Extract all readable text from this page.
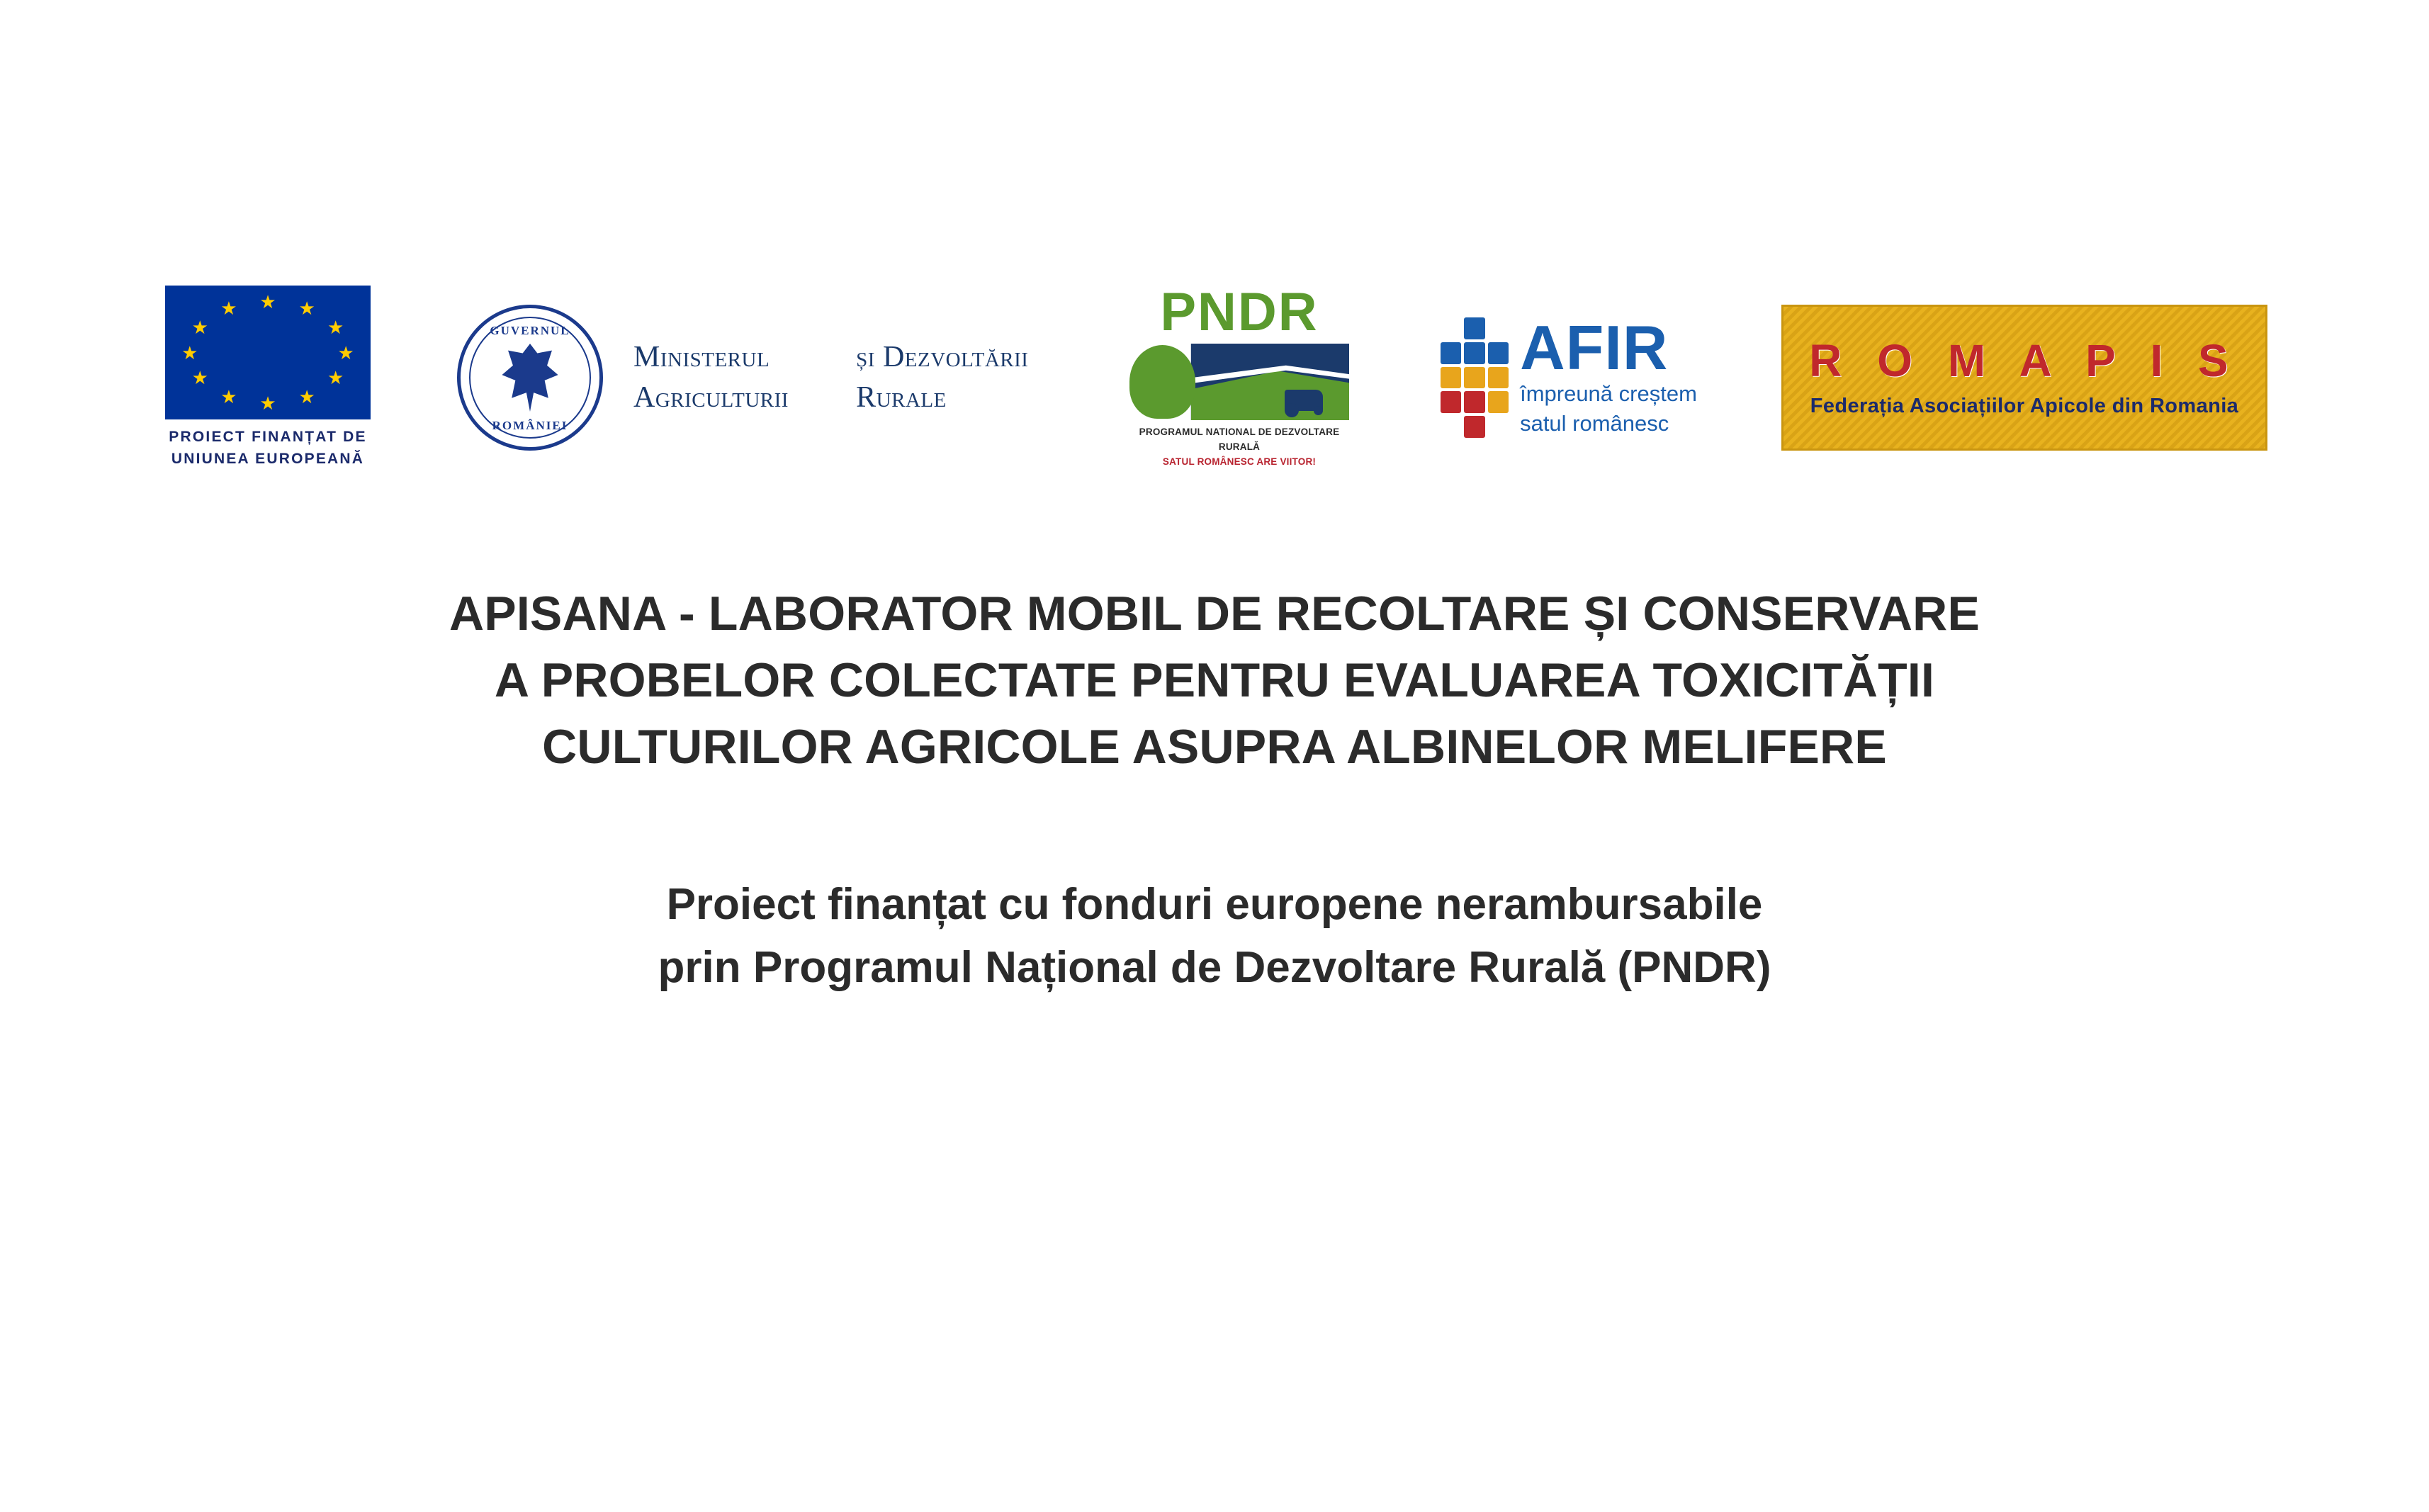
★ ★
★
★
★
★
★
★
★
★
★
★
PROIECT FINANȚAT DE
UNIUNEA EUROPEANĂ
GUVERNUL
ROMÂNIEI
Ministerul Agriculturii
și Dezvoltării Rurale
PNDR
PROGRAMUL NATIONAL DE DEZVOLTARE RURALĂ
SATUL ROMÂNESC ARE VIITOR!
AFIR
împreună creștem
satul românesc
R O M A P I S
Federația Asociațiilor Apicole din Romania
APISANA - LABORATOR MOBIL DE RECOLTARE ȘI CONSERVARE
A PROBELOR COLECTATE PENTRU EVALUAREA TOXICITĂȚII
CULTURILOR AGRICOLE ASUPRA ALBINELOR MELIFERE
Proiect finanțat cu fonduri europene nerambursabile
prin Programul Național de Dezvoltare Rurală (PNDR)
